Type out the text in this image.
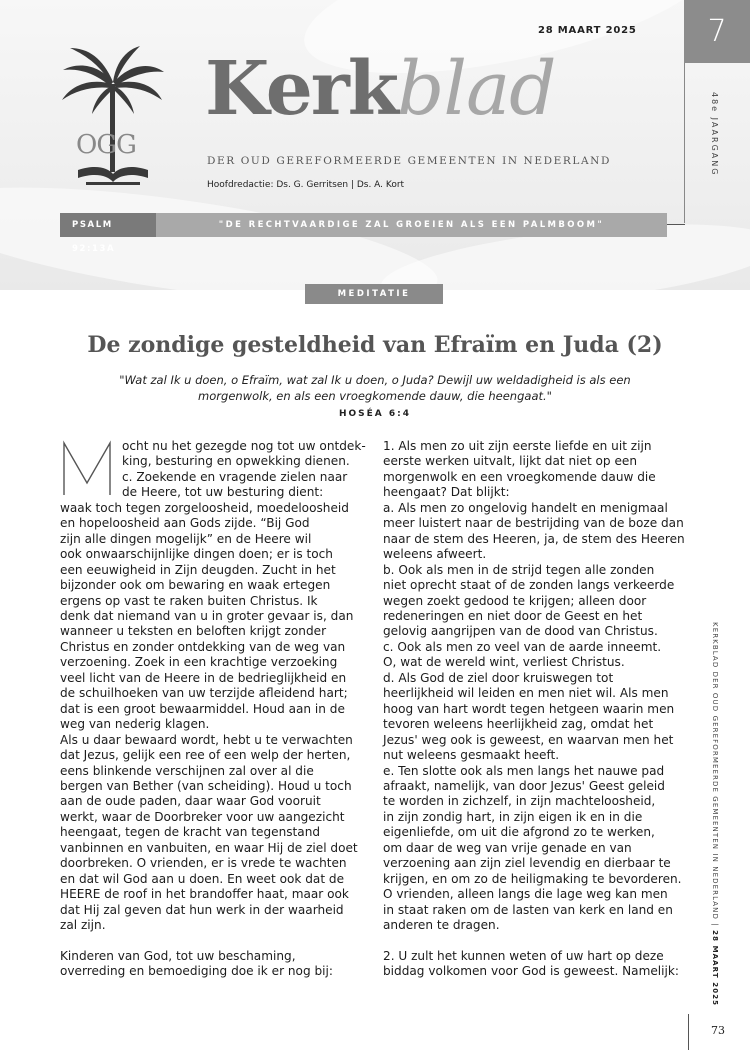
28 MAART 2025	7
48e JAARGANG
OGG
Kerkblad
DER OUD GEREFORMEERDE GEMEENTEN IN NEDERLAND
Hoofdredactie: Ds. G. Gerritsen | Ds. A. Kort
PSALM 92:13A
"DE RECHTVAARDIGE ZAL GROEIEN ALS EEN PALMBOOM"
MEDITATIE
De zondige gesteldheid van Efraïm en Juda (2)
"Wat zal Ik u doen, o Efraïm, wat zal Ik u doen, o Juda? Dewijl uw weldadigheid is als een morgenwolk, en als een vroegkomende dauw, die heengaat."
HOSÉA 6:4

ocht nu het gezegde nog tot uw ontdek-
king, besturing en opwekking dienen.
c. Zoekende en vragende zielen naar
de Heere, tot uw besturing dient:

waak toch tegen zorgeloosheid, moedeloosheid
en hopeloosheid aan Gods zijde. “Bij God
zijn alle dingen mogelijk” en de Heere wil
ook onwaarschijnlijke dingen doen; er is toch
een eeuwigheid in Zijn deugden. Zucht in het
bijzonder ook om bewaring en waak ertegen
ergens op vast te raken buiten Christus. Ik
denk dat niemand van u in groter gevaar is, dan
wanneer u teksten en beloften krijgt zonder
Christus en zonder ontdekking van de weg van
verzoening. Zoek in een krachtige verzoeking
veel licht van de Heere in de bedrieglijkheid en
de schuilhoeken van uw terzijde afleidend hart;
dat is een groot bewaarmiddel. Houd aan in de
weg van nederig klagen.
Als u daar bewaard wordt, hebt u te verwachten
dat Jezus, gelijk een ree of een welp der herten,
eens blinkende verschijnen zal over al die
bergen van Bether (van scheiding). Houd u toch
aan de oude paden, daar waar God vooruit
werkt, waar de Doorbreker voor uw aangezicht
heengaat, tegen de kracht van tegenstand
vanbinnen en vanbuiten, en waar Hij de ziel doet
doorbreken. O vrienden, er is vrede te wachten
en dat wil God aan u doen. En weet ook dat de
HEERE de roof in het brandoffer haat, maar ook
dat Hij zal geven dat hun werk in der waarheid
zal zijn.

Kinderen van God, tot uw beschaming,
overreding en bemoediging doe ik er nog bij:

1. Als men zo uit zijn eerste liefde en uit zijn
eerste werken uitvalt, lijkt dat niet op een
morgenwolk en een vroegkomende dauw die
heengaat? Dat blijkt:
a. Als men zo ongelovig handelt en menigmaal
meer luistert naar de bestrijding van de boze dan
naar de stem des Heeren, ja, de stem des Heeren
weleens afweert.
b. Ook als men in de strijd tegen alle zonden
niet oprecht staat of de zonden langs verkeerde
wegen zoekt gedood te krijgen; alleen door
redeneringen en niet door de Geest en het
gelovig aangrijpen van de dood van Christus.
c. Ook als men zo veel van de aarde inneemt.
O, wat de wereld wint, verliest Christus.
d. Als God de ziel door kruiswegen tot
heerlijkheid wil leiden en men niet wil. Als men
hoog van hart wordt tegen hetgeen waarin men
tevoren weleens heerlijkheid zag, omdat het
Jezus' weg ook is geweest, en waarvan men het
nut weleens gesmaakt heeft.
e. Ten slotte ook als men langs het nauwe pad
afraakt, namelijk, van door Jezus' Geest geleid
te worden in zichzelf, in zijn machteloosheid,
in zijn zondig hart, in zijn eigen ik en in die
eigenliefde, om uit die afgrond zo te werken,
om daar de weg van vrije genade en van
verzoening aan zijn ziel levendig en dierbaar te
krijgen, en om zo de heiligmaking te bevorderen.
O vrienden, alleen langs die lage weg kan men
in staat raken om de lasten van kerk en land en
anderen te dragen.

2. U zult het kunnen weten of uw hart op deze
biddag volkomen voor God is geweest. Namelijk:

KERKBLAD DER OUD GEREFORMEERDE GEMEENTEN IN NEDERLAND | 28 MAART 2025
73
